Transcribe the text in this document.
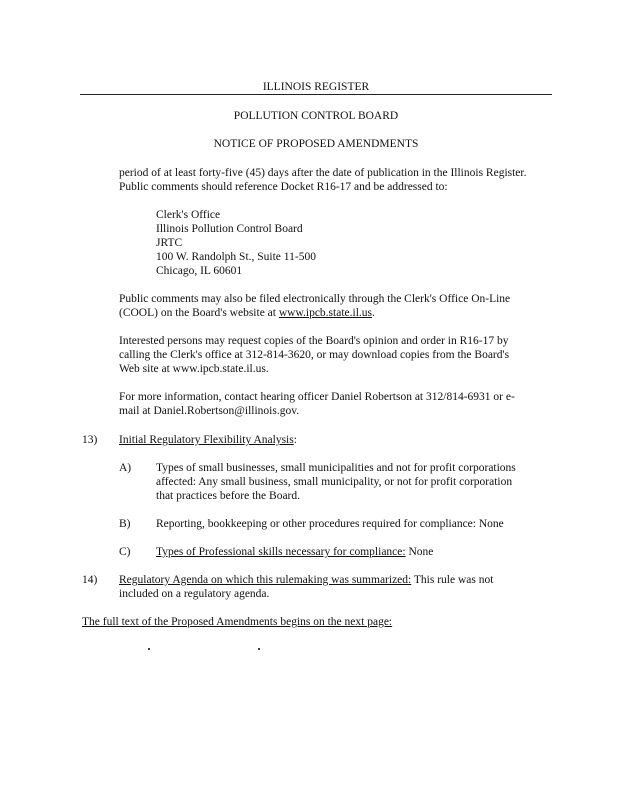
ILLINOIS REGISTER
POLLUTION CONTROL BOARD
NOTICE OF PROPOSED AMENDMENTS
period of at least forty-five (45) days after the date of publication in the Illinois Register.
Public comments should reference Docket R16-17 and be addressed to:
Clerk's Office
Illinois Pollution Control Board
JRTC
100 W. Randolph St., Suite 11-500
Chicago, IL 60601
Public comments may also be filed electronically through the Clerk's Office On-Line
(COOL) on the Board's website at www.ipcb.state.il.us.
Interested persons may request copies of the Board's opinion and order in R16-17 by
calling the Clerk's office at 312-814-3620, or may download copies from the Board's
Web site at www.ipcb.state.il.us.
For more information, contact hearing officer Daniel Robertson at 312/814-6931 or e-
mail at Daniel.Robertson@illinois.gov.
13) Initial Regulatory Flexibility Analysis:
A) Types of small businesses, small municipalities and not for profit corporations
affected: Any small business, small municipality, or not for profit corporation
that practices before the Board.
B) Reporting, bookkeeping or other procedures required for compliance: None
C) Types of Professional skills necessary for compliance: None
14) Regulatory Agenda on which this rulemaking was summarized: This rule was not
included on a regulatory agenda.
The full text of the Proposed Amendments begins on the next page:
